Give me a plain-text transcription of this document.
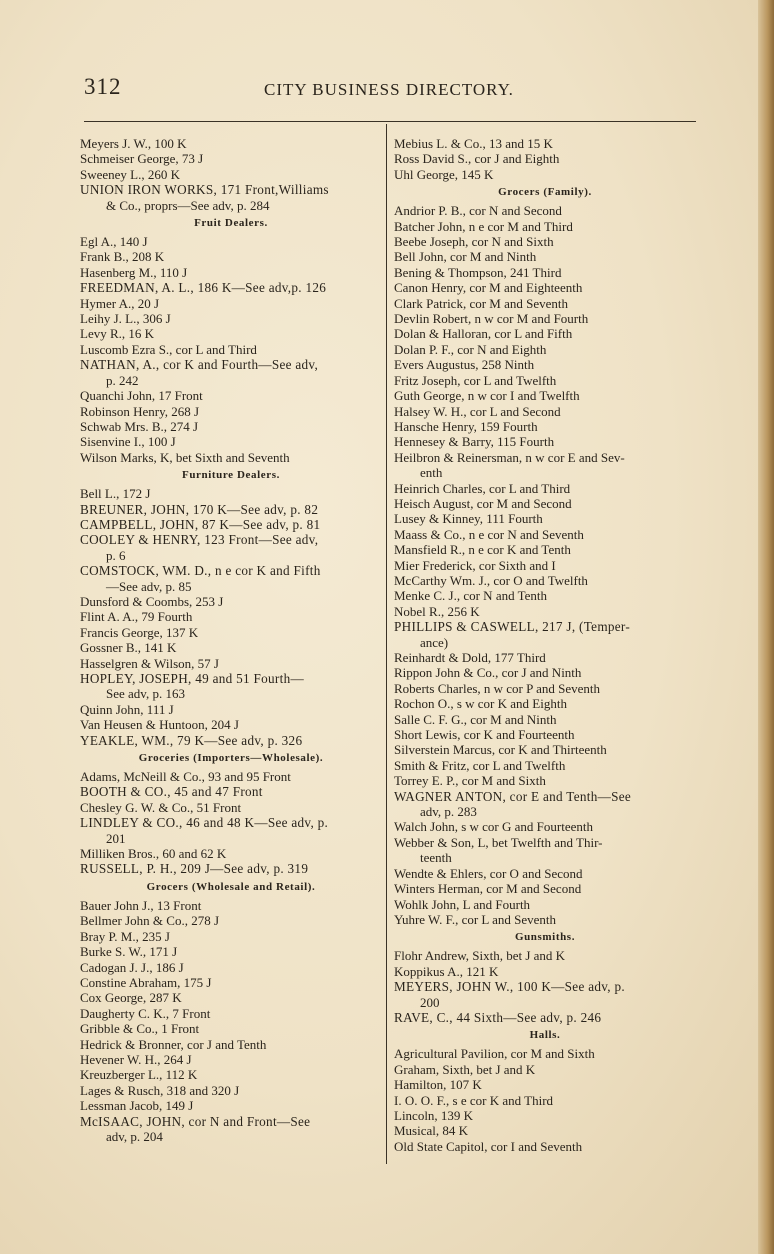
312	CITY BUSINESS DIRECTORY.
Meyers J. W., 100 K
Schmeiser George, 73 J
Sweeney L., 260 K
UNION IRON WORKS, 171 Front,Williams
& Co., proprs—See adv, p. 284
Fruit Dealers.
Egl A., 140 J
Frank B., 208 K
Hasenberg M., 110 J
FREEDMAN, A. L., 186 K—See adv,p. 126
Hymer A., 20 J
Leihy J. L., 306 J
Levy R., 16 K
Luscomb Ezra S., cor L and Third
NATHAN, A., cor K and Fourth—See adv,
p. 242
Quanchi John, 17 Front
Robinson Henry, 268 J
Schwab Mrs. B., 274 J
Sisenvine I., 100 J
Wilson Marks, K, bet Sixth and Seventh
Furniture Dealers.
Bell L., 172 J
BREUNER, JOHN, 170 K—See adv, p. 82
CAMPBELL, JOHN, 87 K—See adv, p. 81
COOLEY & HENRY, 123 Front—See adv,
p. 6
COMSTOCK, WM. D., n e cor K and Fifth
—See adv, p. 85
Dunsford & Coombs, 253 J
Flint A. A., 79 Fourth
Francis George, 137 K
Gossner B., 141 K
Hasselgren & Wilson, 57 J
HOPLEY, JOSEPH, 49 and 51 Fourth—
See adv, p. 163
Quinn John, 111 J
Van Heusen & Huntoon, 204 J
YEAKLE, WM., 79 K—See adv, p. 326
Groceries (Importers—Wholesale).
Adams, McNeill & Co., 93 and 95 Front
BOOTH & CO., 45 and 47 Front
Chesley G. W. & Co., 51 Front
LINDLEY & CO., 46 and 48 K—See adv, p.
201
Milliken Bros., 60 and 62 K
RUSSELL, P. H., 209 J—See adv, p. 319
Grocers (Wholesale and Retail).
Bauer John J., 13 Front
Bellmer John & Co., 278 J
Bray P. M., 235 J
Burke S. W., 171 J
Cadogan J. J., 186 J
Constine Abraham, 175 J
Cox George, 287 K
Daugherty C. K., 7 Front
Gribble & Co., 1 Front
Hedrick & Bronner, cor J and Tenth
Hevener W. H., 264 J
Kreuzberger L., 112 K
Lages & Rusch, 318 and 320 J
Lessman Jacob, 149 J
McISAAC, JOHN, cor N and Front—See
adv, p. 204
Mebius L. & Co., 13 and 15 K
Ross David S., cor J and Eighth
Uhl George, 145 K
Grocers (Family).
Andrior P. B., cor N and Second
Batcher John, n e cor M and Third
Beebe Joseph, cor N and Sixth
Bell John, cor M and Ninth
Bening & Thompson, 241 Third
Canon Henry, cor M and Eighteenth
Clark Patrick, cor M and Seventh
Devlin Robert, n w cor M and Fourth
Dolan & Halloran, cor L and Fifth
Dolan P. F., cor N and Eighth
Evers Augustus, 258 Ninth
Fritz Joseph, cor L and Twelfth
Guth George, n w cor I and Twelfth
Halsey W. H., cor L and Second
Hansche Henry, 159 Fourth
Hennesey & Barry, 115 Fourth
Heilbron & Reinersman, n w cor E and Sev-
enth
Heinrich Charles, cor L and Third
Heisch August, cor M and Second
Lusey & Kinney, 111 Fourth
Maass & Co., n e cor N and Seventh
Mansfield R., n e cor K and Tenth
Mier Frederick, cor Sixth and I
McCarthy Wm. J., cor O and Twelfth
Menke C. J., cor N and Tenth
Nobel R., 256 K
PHILLIPS & CASWELL, 217 J, (Temper-
ance)
Reinhardt & Dold, 177 Third
Rippon John & Co., cor J and Ninth
Roberts Charles, n w cor P and Seventh
Rochon O., s w cor K and Eighth
Salle C. F. G., cor M and Ninth
Short Lewis, cor K and Fourteenth
Silverstein Marcus, cor K and Thirteenth
Smith & Fritz, cor L and Twelfth
Torrey E. P., cor M and Sixth
WAGNER ANTON, cor E and Tenth—See
adv, p. 283
Walch John, s w cor G and Fourteenth
Webber & Son, L, bet Twelfth and Thir-
teenth
Wendte & Ehlers, cor O and Second
Winters Herman, cor M and Second
Wohlk John, L and Fourth
Yuhre W. F., cor L and Seventh
Gunsmiths.
Flohr Andrew, Sixth, bet J and K
Koppikus A., 121 K
MEYERS, JOHN W., 100 K—See adv, p.
200
RAVE, C., 44 Sixth—See adv, p. 246
Halls.
Agricultural Pavilion, cor M and Sixth
Graham, Sixth, bet J and K
Hamilton, 107 K
I. O. O. F., s e cor K and Third
Lincoln, 139 K
Musical, 84 K
Old State Capitol, cor I and Seventh
